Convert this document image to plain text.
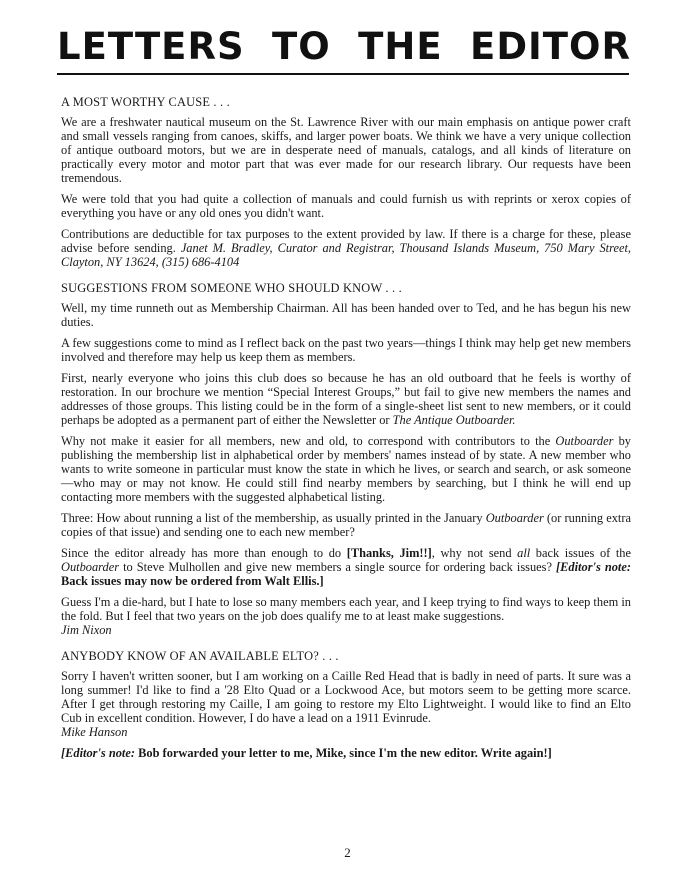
LETTERS TO THE EDITOR
A MOST WORTHY CAUSE . . .

We are a freshwater nautical museum on the St. Lawrence River with our main emphasis on antique power craft and small vessels ranging from canoes, skiffs, and larger power boats. We think we have a very unique collection of antique outboard motors, but we are in desperate need of manuals, catalogs, and all kinds of literature on practically every motor and motor part that was ever made for our research library. Our requests have been tremendous.

We were told that you had quite a collection of manuals and could furnish us with reprints or xerox copies of everything you have or any old ones you didn't want.

Contributions are deductible for tax purposes to the extent provided by law. If there is a charge for these, please advise before sending. Janet M. Bradley, Curator and Registrar, Thousand Islands Museum, 750 Mary Street, Clayton, NY 13624, (315) 686-4104

SUGGESTIONS FROM SOMEONE WHO SHOULD KNOW . . .

Well, my time runneth out as Membership Chairman. All has been handed over to Ted, and he has begun his new duties.

A few suggestions come to mind as I reflect back on the past two years—things I think may help get new members involved and therefore may help us keep them as members.

First, nearly everyone who joins this club does so because he has an old outboard that he feels is worthy of restoration. In our brochure we mention “Special Interest Groups,” but fail to give new members the names and addresses of those groups. This listing could be in the form of a single-sheet list sent to new members, or it could perhaps be adopted as a permanent part of either the Newsletter or The Antique Outboarder.

Why not make it easier for all members, new and old, to correspond with contributors to the Outboarder by publishing the membership list in alphabetical order by members' names instead of by state. A new member who wants to write someone in particular must know the state in which he lives, or search and search, or ask someone—who may or may not know. He could still find nearby members by searching, but I think he will end up contacting more members with the suggested alphabetical listing.

Three: How about running a list of the membership, as usually printed in the January Outboarder (or running extra copies of that issue) and sending one to each new member?

Since the editor already has more than enough to do [Thanks, Jim!!], why not send all back issues of the Outboarder to Steve Mulhollen and give new members a single source for ordering back issues? [Editor's note: Back issues may now be ordered from Walt Ellis.]

Guess I'm a die-hard, but I hate to lose so many members each year, and I keep trying to find ways to keep them in the fold. But I feel that two years on the job does qualify me to at least make suggestions.

Jim Nixon

ANYBODY KNOW OF AN AVAILABLE ELTO? . . .

Sorry I haven't written sooner, but I am working on a Caille Red Head that is badly in need of parts. It sure was a long summer! I'd like to find a '28 Elto Quad or a Lockwood Ace, but motors seem to be getting more scarce. After I get through restoring my Caille, I am going to restore my Elto Lightweight. I would like to find an Elto Cub in excellent condition. However, I do have a lead on a 1911 Evinrude.

Mike Hanson

[Editor's note: Bob forwarded your letter to me, Mike, since I'm the new editor. Write again!]

2
